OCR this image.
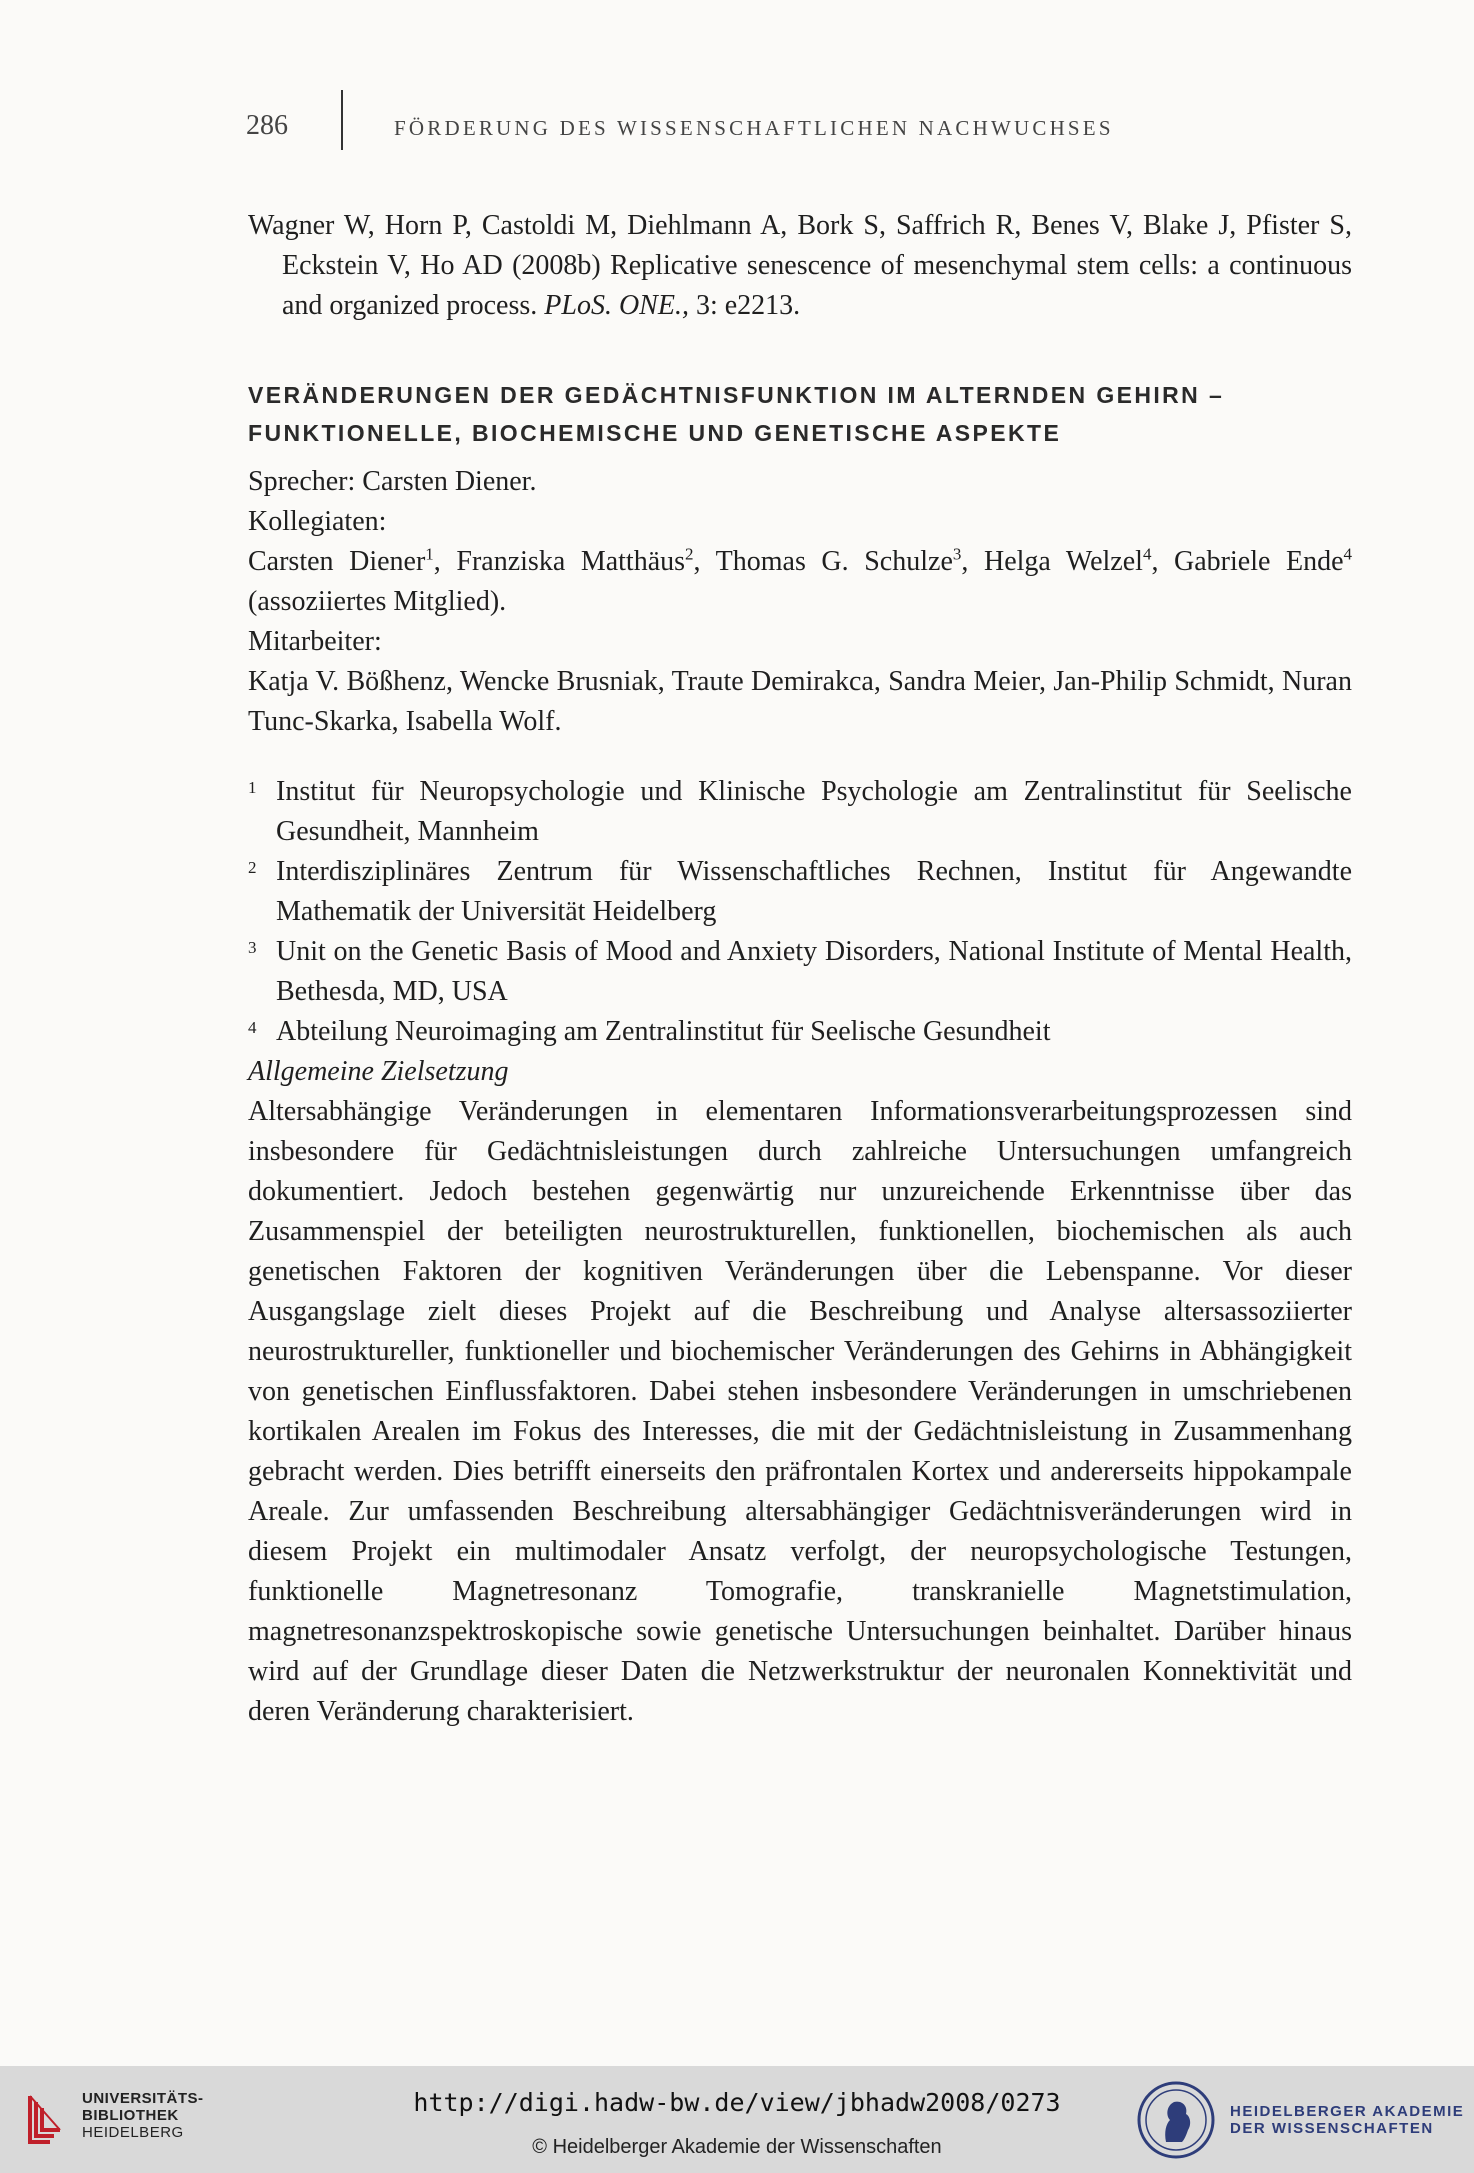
286	FÖRDERUNG DES WISSENSCHAFTLICHEN NACHWUCHSES

Wagner W, Horn P, Castoldi M, Diehlmann A, Bork S, Saffrich R, Benes V, Blake J, Pfister S, Eckstein V, Ho AD (2008b) Replicative senescence of mesenchymal stem cells: a continuous and organized process. PLoS. ONE., 3: e2213.

VERÄNDERUNGEN DER GEDÄCHTNISFUNKTION IM ALTERNDEN GEHIRN –
FUNKTIONELLE, BIOCHEMISCHE UND GENETISCHE ASPEKTE

Sprecher: Carsten Diener.

Kollegiaten:

Carsten Diener$^1$, Franziska Matthäus$^2$, Thomas G. Schulze$^3$, Helga Welzel$^4$, Gabriele Ende$^4$ (assoziiertes Mitglied).

Mitarbeiter:

Katja V. Bößhenz, Wencke Brusniak, Traute Demirakca, Sandra Meier, Jan-Philip Schmidt, Nuran Tunc-Skarka, Isabella Wolf.

1 Institut für Neuropsychologie und Klinische Psychologie am Zentralinstitut für Seelische Gesundheit, Mannheim
2 Interdisziplinäres Zentrum für Wissenschaftliches Rechnen, Institut für Angewandte Mathematik der Universität Heidelberg
3 Unit on the Genetic Basis of Mood and Anxiety Disorders, National Institute of Mental Health, Bethesda, MD, USA
4 Abteilung Neuroimaging am Zentralinstitut für Seelische Gesundheit

Allgemeine Zielsetzung

Altersabhängige Veränderungen in elementaren Informationsverarbeitungsprozessen sind insbesondere für Gedächtnisleistungen durch zahlreiche Untersuchungen umfangreich dokumentiert. Jedoch bestehen gegenwärtig nur unzureichende Erkenntnisse über das Zusammenspiel der beteiligten neurostrukturellen, funktionellen, biochemischen als auch genetischen Faktoren der kognitiven Veränderungen über die Lebenspanne. Vor dieser Ausgangslage zielt dieses Projekt auf die Beschreibung und Analyse altersassoziierter neurostruktureller, funktioneller und biochemischer Veränderungen des Gehirns in Abhängigkeit von genetischen Einflussfaktoren. Dabei stehen insbesondere Veränderungen in umschriebenen kortikalen Arealen im Fokus des Interesses, die mit der Gedächtnisleistung in Zusammenhang gebracht werden. Dies betrifft einerseits den präfrontalen Kortex und andererseits hippokampale Areale. Zur umfassenden Beschreibung altersabhängiger Gedächtnisveränderungen wird in diesem Projekt ein multimodaler Ansatz verfolgt, der neuropsychologische Testungen, funktionelle Magnetresonanz Tomografie, transkranielle Magnetstimulation, magnetresonanzspektroskopische sowie genetische Untersuchungen beinhaltet. Darüber hinaus wird auf der Grundlage dieser Daten die Netzwerkstruktur der neuronalen Konnektivität und deren Veränderung charakterisiert.

UNIVERSITÄTS-
BIBLIOTHEK
HEIDELBERG
http://digi.hadw-bw.de/view/jbhadw2008/0273
© Heidelberger Akademie der Wissenschaften
HEIDELBERGER AKADEMIE
DER WISSENSCHAFTEN
